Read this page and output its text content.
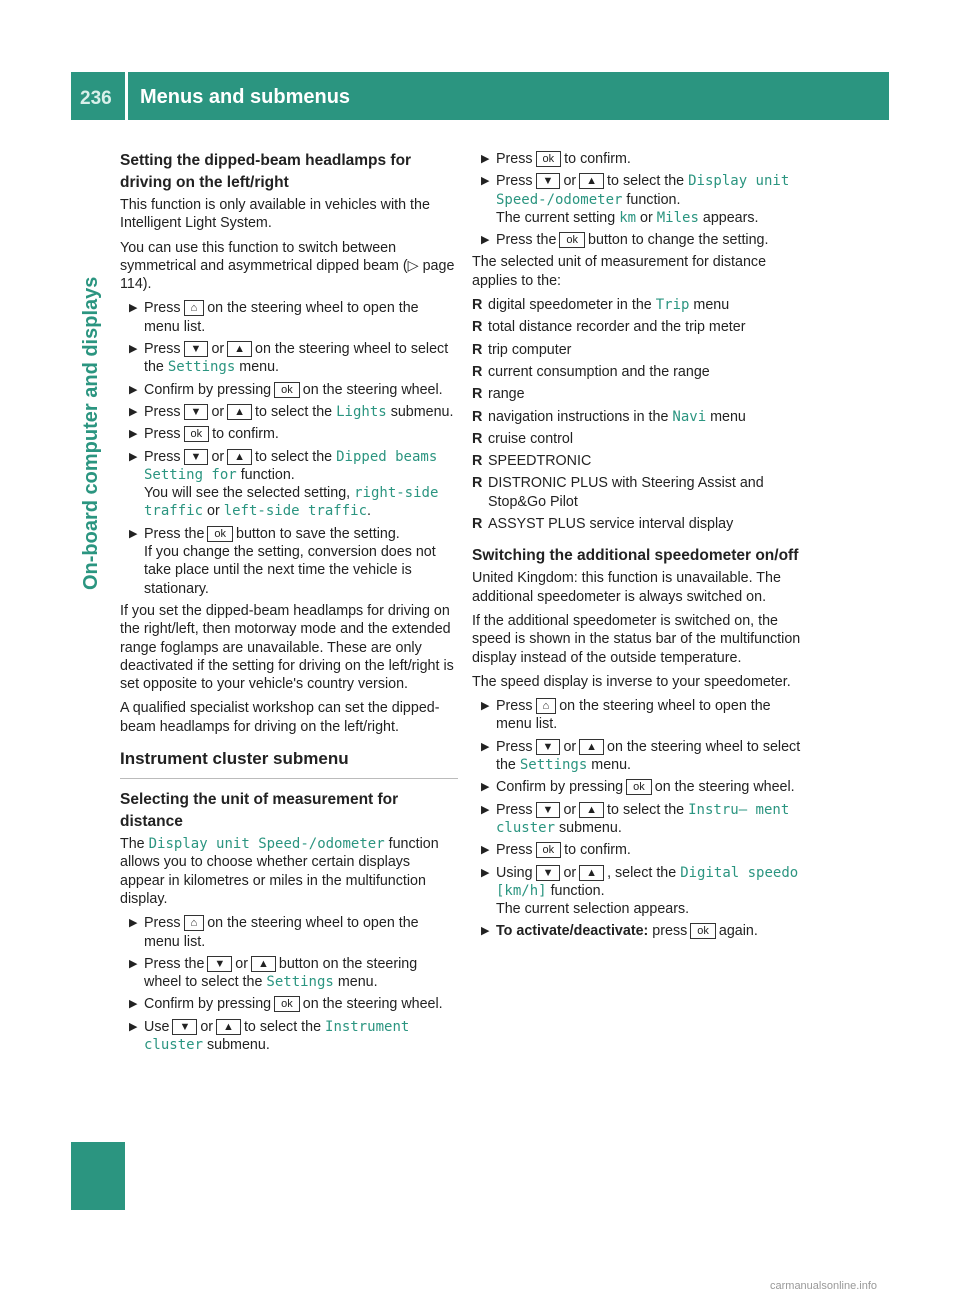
236 Menus and submenus
On-board computer and displays
Setting the dipped-beam headlamps for driving on the left/right

This function is only available in vehicles with the Intelligent Light System.

You can use this function to switch between symmetrical and asymmetrical dipped beam (▷ page 114).

▶ Press ⌂ on the steering wheel to open the menu list.
▶ Press ▼ or ▲ on the steering wheel to select the Settings menu.
▶ Confirm by pressing ok on the steering wheel.
▶ Press ▼ or ▲ to select the Lights submenu.
▶ Press ok to confirm.
▶ Press ▼ or ▲ to select the Dipped beams Setting for function.
You will see the selected setting, right-side traffic or left-side traffic.
▶ Press the ok button to save the setting.
If you change the setting, conversion does not take place until the next time the vehicle is stationary.

If you set the dipped-beam headlamps for driving on the right/left, then motorway mode and the extended range foglamps are unavailable. These are only deactivated if the setting for driving on the left/right is set opposite to your vehicle's country version.

A qualified specialist workshop can set the dipped-beam headlamps for driving on the left/right.

Instrument cluster submenu
Selecting the unit of measurement for distance

The Display unit Speed-/odometer function allows you to choose whether certain displays appear in kilometres or miles in the multifunction display.

▶ Press ⌂ on the steering wheel to open the menu list.
▶ Press the ▼ or ▲ button on the steering wheel to select the Settings menu.
▶ Confirm by pressing ok on the steering wheel.
▶ Use ▼ or ▲ to select the Instrument cluster submenu.
▶ Press ok to confirm.
▶ Press ▼ or ▲ to select the Display unit Speed-/odometer function.
The current setting km or Miles appears.
▶ Press the ok button to change the setting.

The selected unit of measurement for distance applies to the:

R digital speedometer in the Trip menu
R total distance recorder and the trip meter
R trip computer
R current consumption and the range
R range
R navigation instructions in the Navi menu
R cruise control
R SPEEDTRONIC
R DISTRONIC PLUS with Steering Assist and Stop&Go Pilot
R ASSYST PLUS service interval display
Switching the additional speedometer on/off

United Kingdom: this function is unavailable. The additional speedometer is always switched on.

If the additional speedometer is switched on, the speed is shown in the status bar of the multifunction display instead of the outside temperature.

The speed display is inverse to your speedometer.

▶ Press ⌂ on the steering wheel to open the menu list.
▶ Press ▼ or ▲ on the steering wheel to select the Settings menu.
▶ Confirm by pressing ok on the steering wheel.
▶ Press ▼ or ▲ to select the Instru– ment cluster submenu.
▶ Press ok to confirm.
▶ Using ▼ or ▲ , select the Digital speedo [km/h] function.
The current selection appears.
▶ To activate/deactivate: press ok again.
carmanualsonline.info
